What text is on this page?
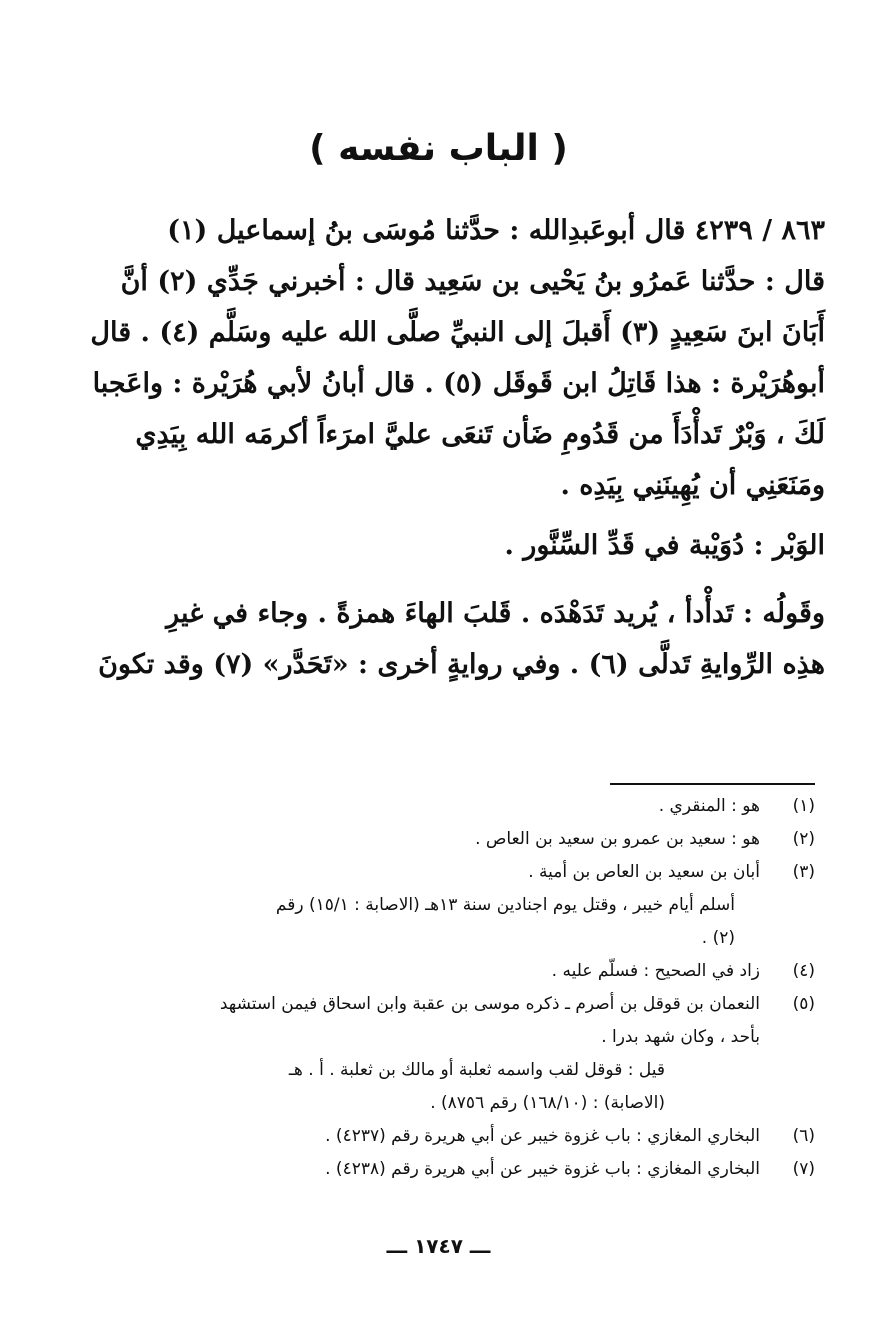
( الباب نفسه )
٨٦٣ / ٤٢٣٩ قال أبوعَبدِالله : حدَّثنا مُوسَى بنُ إسماعيل (١)
قال : حدَّثنا عَمرُو بنُ يَحْيى بن سَعِيد قال : أخبرني جَدِّي (٢) أنَّ
أَبَانَ ابنَ سَعِيدٍ (٣) أَقبلَ إلى النبيِّ صلَّى الله عليه وسَلَّم (٤) . قال
أبوهُرَيْرة : هذا قَاتِلُ ابن قَوقَل (٥) . قال أبانُ لأبي هُرَيْرة : واعَجبا
لَكَ ، وَبْرٌ تَدأْدَأَ من قَدُومِ ضَأن تَنعَى عليَّ امرَءاً أكرمَه الله بِيَدِي
ومَنَعَنِي أن يُهِينَنِي بِيَدِه .
الوَبْر : دُوَيْبة في قَدِّ السِّنَّور .
وقَولُه : تَدأْدأ ، يُريد تَدَهْدَه . قَلبَ الهاءَ همزةً . وجاء في غيرِ
هذِه الرِّوايةِ تَدلَّى (٦) . وفي روايةٍ أخرى : «تَحَدَّر» (٧) وقد تكونَ
(١)
هو : المنقري .
(٢)
هو : سعيد بن عمرو بن سعيد بن العاص .
(٣)
أبان بن سعيد بن العاص بن أمية .
أسلم أيام خيبر ، وقتل يوم اجنادين سنة ١٣هـ (الاصابة : ١٥/١) رقم
(٢) .
(٤)
زاد في الصحيح : فسلّم عليه .
(٥)
النعمان بن قوقل بن أصرم ـ ذكره موسى بن عقبة وابن اسحاق فيمن استشهد
بأحد ، وكان شهد بدرا .
قيل : قوقل لقب واسمه ثعلبة أو مالك بن ثعلبة . أ . هـ
(الاصابة) : (١٦٨/١٠) رقم ٨٧٥٦) .
(٦)
البخاري المغازي : باب غزوة خيبر عن أبي هريرة رقم (٤٢٣٧) .
(٧)
البخاري المغازي : باب غزوة خيبر عن أبي هريرة رقم (٤٢٣٨) .
ـــ ١٧٤٧ ـــ
